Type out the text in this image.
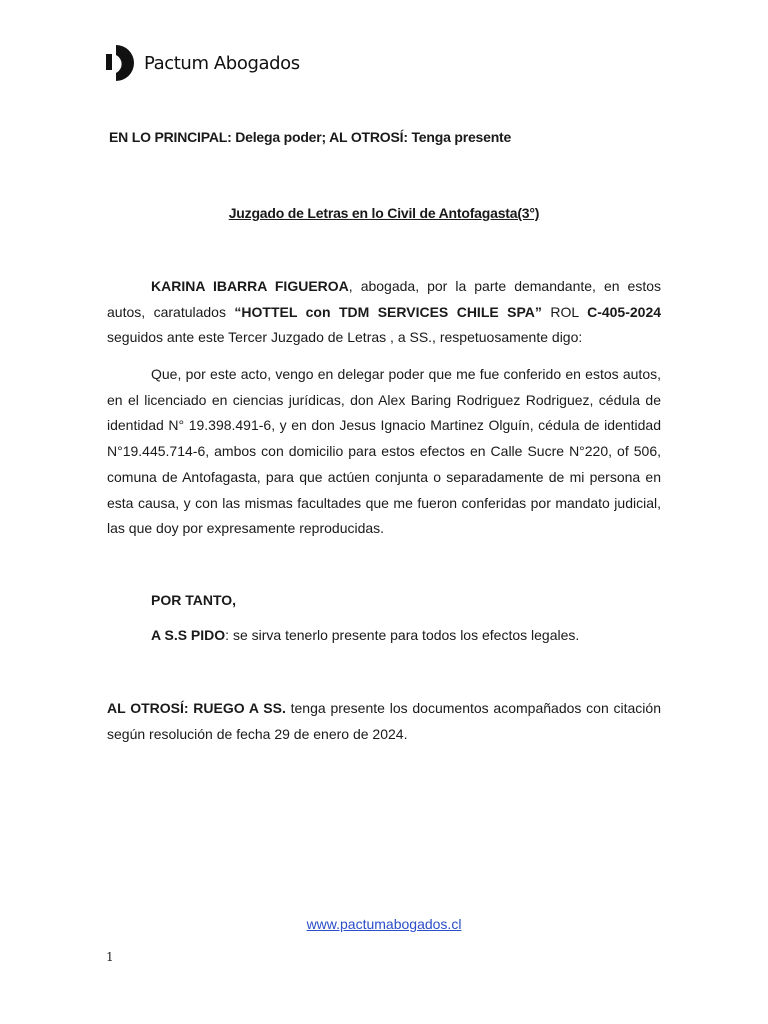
Pactum Abogados
EN LO PRINCIPAL: Delega poder; AL OTROSÍ: Tenga presente
Juzgado de Letras en lo Civil de Antofagasta(3°)

KARINA IBARRA FIGUEROA, abogada, por la parte demandante, en estos autos, caratulados “HOTTEL con TDM SERVICES CHILE SPA” ROL C-405-2024 seguidos ante este Tercer Juzgado de Letras , a SS., respetuosamente digo:

Que, por este acto, vengo en delegar poder que me fue conferido en estos autos, en el licenciado en ciencias jurídicas, don Alex Baring Rodriguez Rodriguez, cédula de identidad N° 19.398.491-6, y en don Jesus Ignacio Martinez Olguín, cédula de identidad N°19.445.714-6, ambos con domicilio para estos efectos en Calle Sucre N°220, of 506, comuna de Antofagasta, para que actúen conjunta o separadamente de mi persona en esta causa, y con las mismas facultades que me fueron conferidas por mandato judicial, las que doy por expresamente reproducidas.

POR TANTO,
A S.S PIDO: se sirva tenerlo presente para todos los efectos legales.

AL OTROSÍ: RUEGO A SS. tenga presente los documentos acompañados con citación según resolución de fecha 29 de enero de 2024.

www.pactumabogados.cl
1
